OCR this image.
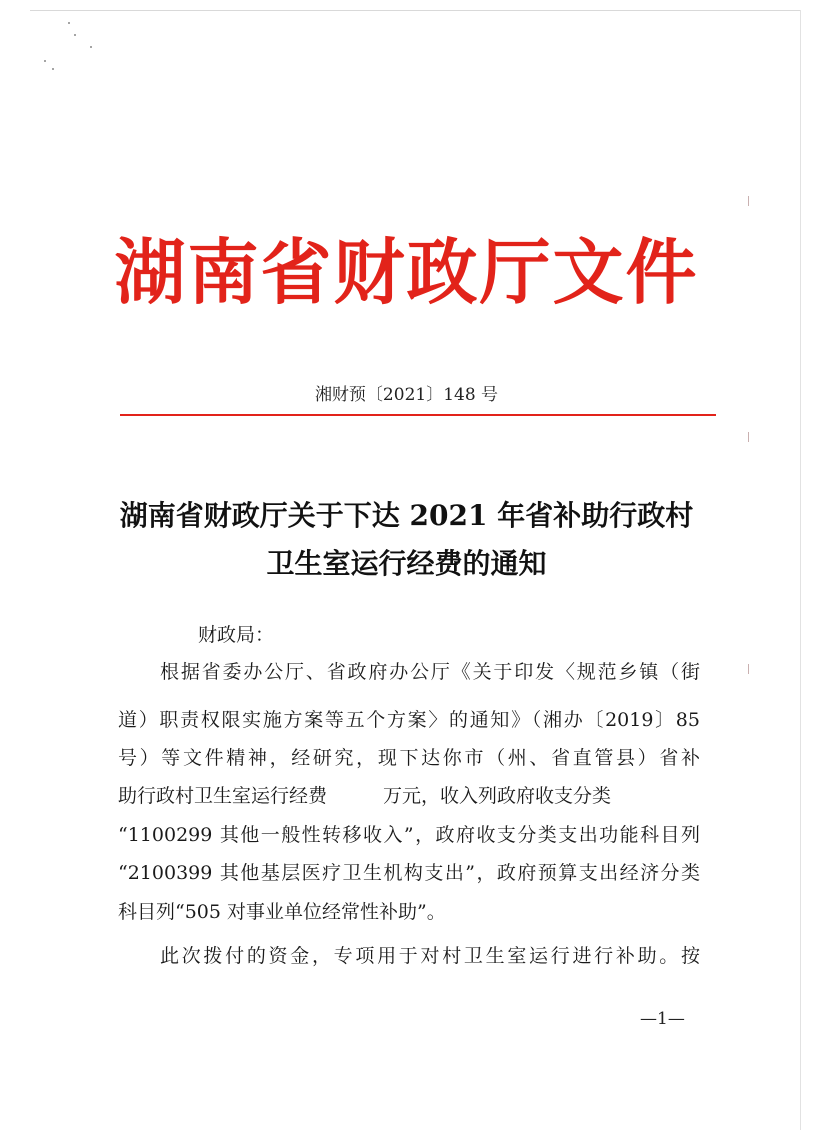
湖南省财政厅文件
湘财预〔2021〕148 号
湖南省财政厅关于下达 2021 年省补助行政村
卫生室运行经费的通知
财政局：
根据省委办公厅、省政府办公厅《关于印发〈规范乡镇（街
道）职责权限实施方案等五个方案〉的通知》（湘办〔2019〕85
号）等文件精神，经研究，现下达你市（州、省直管县）省补
助行政村卫生室运行经费	万元，收入列政府收支分类
“1100299 其他一般性转移收入”，政府收支分类支出功能科目列
“2100399 其他基层医疗卫生机构支出”，政府预算支出经济分类
科目列“505 对事业单位经常性补助”。
此次拨付的资金，专项用于对村卫生室运行进行补助。按
—1—
